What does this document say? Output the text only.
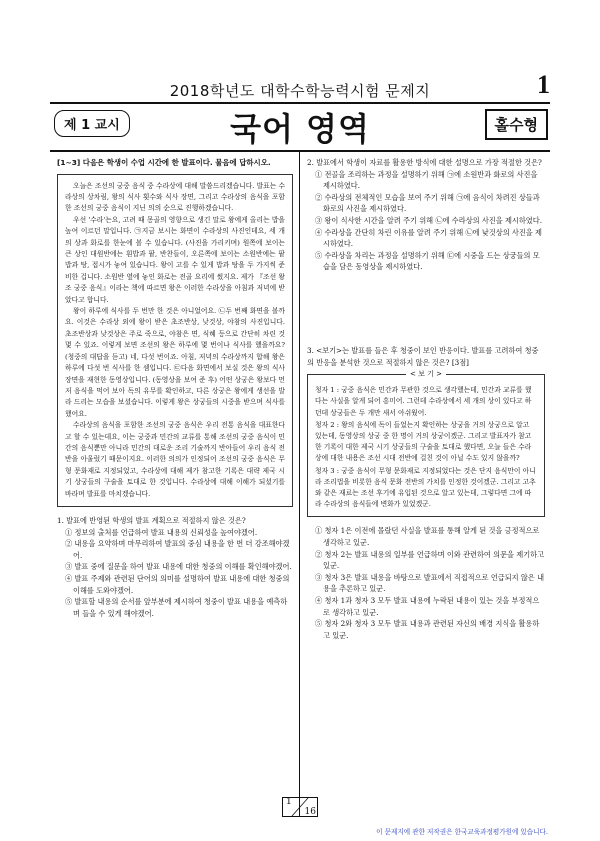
2018학년도 대학수학능력시험 문제지	1
제 1 교시	국어 영역	홀수형
[1~3] 다음은 학생이 수업 시간에 한 발표이다. 물음에 답하시오.

오늘은 조선의 궁중 음식 중 수라상에 대해 말씀드리겠습니다. 발표는 수라상의 상차림, 왕의 식사 횟수와 식사 장면, 그리고 수라상의 음식을 포함한 조선의 궁중 음식이 지닌 의의 순으로 진행하겠습니다.

우선 '수라'는요, 고려 때 몽골의 영향으로 생긴 말로 왕에게 올리는 밥을 높여 이르던 말입니다. ㉠지금 보시는 화면이 수라상의 사진인데요, 세 개의 상과 화로를 한눈에 볼 수 있습니다. (사진을 가리키며) 원쪽에 보이는 큰 상인 대원반에는 흰밥과 팥, 반찬들이, 오른쪽에 보이는 소원반에는 팥밥과 탕, 접시가 놓여 있습니다. 왕이 고를 수 있게 밥과 탕을 두 가지씩 준비한 겁니다. 소원반 옆에 놓인 화로는 전골 요리에 썼지요. 제가 『조선 왕조 궁중 음식』이라는 책에 따르면 왕은 이러한 수라상을 아침과 저녁에 받았다고 합니다.

왕이 하루에 식사를 두 번만 한 것은 아니었어요. ㉡두 번째 화면을 볼까요. 이것은 수라상 외에 왕이 받은 초조반상, 낮것상, 야참의 사진입니다. 초조반상과 낮것상은 주로 죽으로, 야참은 면, 식혜 등으로 간단히 차린 것 몇 수 있죠. 이렇게 보면 조선의 왕은 하루에 몇 번이나 식사를 했을까요? (청중의 대답을 듣고) 네, 다섯 번이죠. 아침, 저녁의 수라상까지 합해 왕은 하루에 다섯 번 식사를 한 셈입니다. ㉢다음 화면에서 보실 것은 왕의 식사 장면을 재현한 동영상입니다. (동영상을 보여 준 후) 어떤 상궁은 왕보다 먼저 음식을 먹어 보아 독의 유무를 확인하고, 다른 상궁은 왕에게 생선을 발라 드리는 모습을 보셨습니다. 이렇게 왕은 상궁들의 시중을 받으며 식사를 했어요.

수라상의 음식을 포함한 조선의 궁중 음식은 우리 전통 음식을 대표한다고 할 수 있는데요, 이는 궁중과 민간의 교류를 통해 조선의 궁중 음식이 민간의 음식뿐만 아니라 민간의 대로운 조리 기술까지 반아들어 우리 음식 전반을 아울렀기 때문이지요. 이러한 의의가 인정되어 조선의 궁중 음식은 무형 문화재로 지정되었고, 수라상에 대해 제가 참고한 기록은 대략 제국 시기 상궁들의 구술을 토대로 한 것입니다. 수라상에 대해 이해가 되셨기를 바라며 발표를 마치겠습니다.

1. 발표에 반영된 학생의 발표 계획으로 적절하지 않은 것은?
① 정보의 출처를 언급하여 발표 내용의 신뢰성을 높여야겠어.
② 내용을 요약하며 마무리하여 발표의 중심 내용을 한 번 더 강조해야겠어.
③ 발표 중에 질문을 하여 발표 내용에 대한 청중의 이해를 확인해야겠어.
④ 발표 주제와 관련된 단어의 의미를 설명하여 발표 내용에 대한 청중의 이해를 도와야겠어.
⑤ 발표할 내용의 순서를 앞부분에 제시하여 청중이 발표 내용을 예측하며 들을 수 있게 해야겠어.
2. 발표에서 학생이 자료를 활용한 방식에 대한 설명으로 가장 적절한 것은?
① 전골을 조리하는 과정을 설명하기 위해 ㉠에 소원반과 화로의 사진을 제시하였다.
② 수라상의 전체적인 모습을 보여 주기 위해 ㉠에 음식이 차려진 상들과 화로의 사진을 제시하였다.
③ 왕이 식사한 시간을 알려 주기 위해 ㉡에 수라상의 사진을 제시하였다.
④ 수라상을 간단히 차린 이유를 알려 주기 위해 ㉡에 낮것상의 사진을 제시하였다.
⑤ 수라상을 차리는 과정을 설명하기 위해 ㉢에 시중을 드는 상궁들의 모습을 담은 동영상을 제시하였다.
3. <보기>는 발표를 들은 후 청중이 보인 반응이다. 발표를 고려하여 청중의 반응을 분석한 것으로 적절하지 않은 것은? [3점]
< 보 기 >

청자 1 : 궁중 음식은 민간과 무관한 것으로 생각했는데, 민간과 교류를 했다는 사실을 알게 되어 흥미어. 그런데 수라상에서 세 개의 상이 있다고 하던데 상궁들은 두 개만 새서 아쉬웠어.

청자 2 : 왕의 음식에 독이 들었는지 확인하는 상궁을 거의 상궁으로 알고 있는데, 동영상의 상궁 중 한 명이 거의 상궁이겠군. 그리고 발표자가 참고한 기록이 대한 제국 시기 상궁들의 구술을 토대로 했다면, 오늘 들은 수라상에 대한 내용은 조선 시대 전반에 걸친 것이 아닐 수도 있지 않을까?

청자 3 : 궁중 음식이 무형 문화재로 지정되었다는 것은 단지 음식만이 아니라 조리법을 비롯한 음식 문화 전반의 가치를 인정한 것이겠군. 그리고 고추와 같은 재료는 조선 후기에 유입된 것으로 알고 있는데, 그렇다면 그에 따라 수라상의 음식들에 변화가 있었겠군.

① 청자 1은 이전에 몰랐던 사실을 발표를 통해 알게 된 것을 긍정적으로 생각하고 있군.
② 청자 2는 발표 내용의 일부를 언급하며 이와 관련하여 의문을 제기하고 있군.
③ 청자 3은 발표 내용을 바탕으로 발표에서 직접적으로 언급되지 않은 내용을 추론하고 있군.
④ 청자 1과 청자 3 모두 발표 내용에 누락된 내용이 있는 것을 부정적으로 생각하고 있군.
⑤ 청자 2와 청자 3 모두 발표 내용과 관련된 자신의 배경 지식을 활용하고 있군.
1
16
이 문제지에 관한 저작권은 한국교육과정평가원에 있습니다.
